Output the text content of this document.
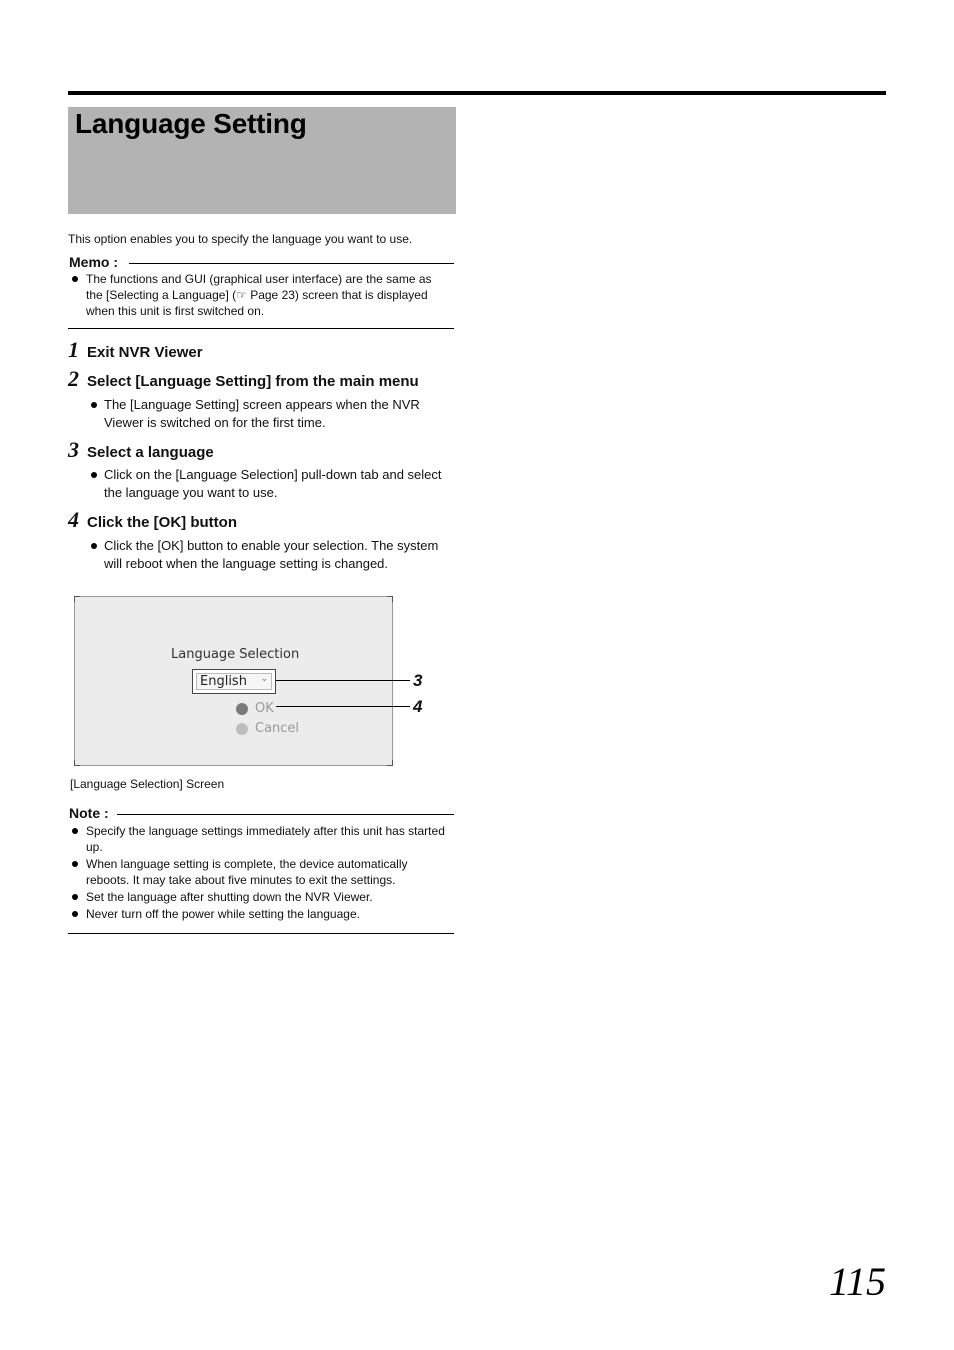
Language Setting
This option enables you to specify the language you want to use.
Memo :
The functions and GUI (graphical user interface) are the same as the [Selecting a Language] (☞ Page 23) screen that is displayed when this unit is first switched on.
1 Exit NVR Viewer
2 Select [Language Setting] from the main menu
The [Language Setting] screen appears when the NVR Viewer is switched on for the first time.
3 Select a language
Click on the [Language Selection] pull-down tab and select the language you want to use.
4 Click the [OK] button
Click the [OK] button to enable your selection. The system will reboot when the language setting is changed.
Language Selection
English ⌄
OK
Cancel
3
4
[Language Selection] Screen
Note :
Specify the language settings immediately after this unit has started up.
When language setting is complete, the device automatically reboots. It may take about five minutes to exit the settings.
Set the language after shutting down the NVR Viewer.
Never turn off the power while setting the language.
115
